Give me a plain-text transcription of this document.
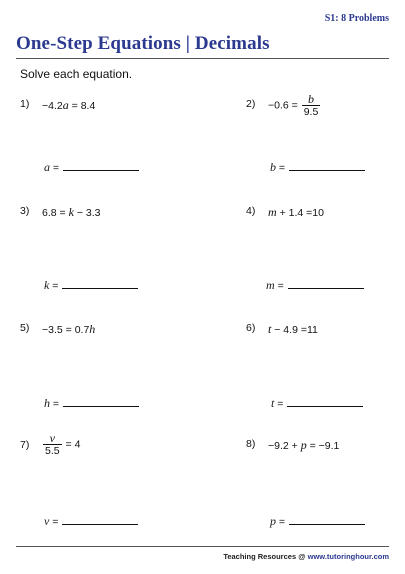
S1: 8 Problems
One-Step Equations | Decimals
Solve each equation.
1)	−4.2a = 8.4
a =
2)	$-0.6 = \frac{b}{9.5}$
b =
3)	6.8 = k − 3.3
k =
4)	m + 1.4 =10
m =
5)	−3.5 = 0.7h
h =
6)	t − 4.9 =11
t =
7)	$\frac{v}{5.5} = 4$
v =
8)	−9.2 + p = −9.1
p =
Teaching Resources @ www.tutoringhour.com
